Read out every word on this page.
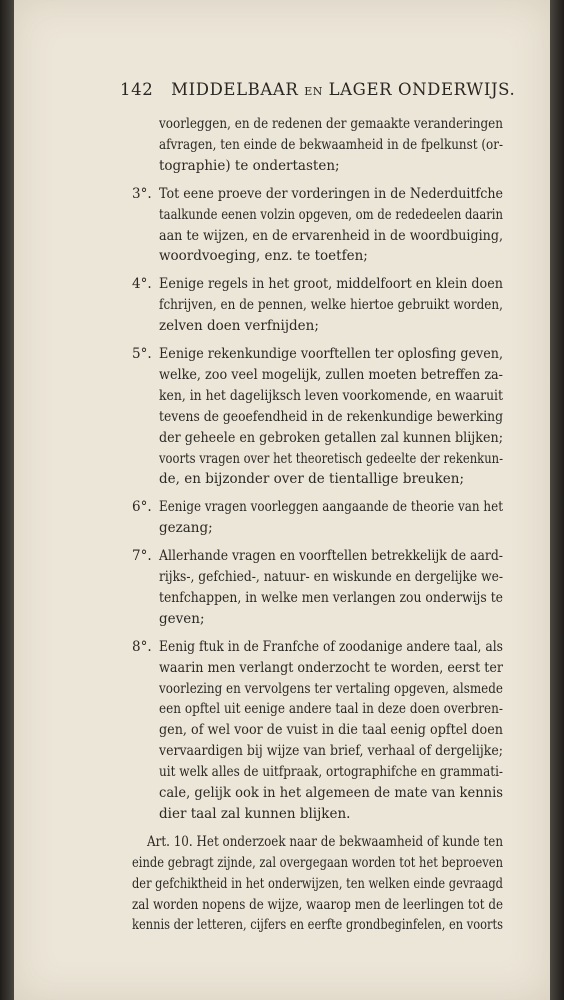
142 MIDDELBAAR EN LAGER ONDERWIJS.
voorleggen, en de redenen der gemaakte veranderingen
afvragen, ten einde de bekwaamheid in de fpelkunst (or-
tographie) te ondertasten;
3°. Tot eene proeve der vorderingen in de Nederduitfche
taalkunde eenen volzin opgeven, om de rededeelen daarin
aan te wijzen, en de ervarenheid in de woordbuiging,
woordvoeging, enz. te toetfen;
4°. Eenige regels in het groot, middelfoort en klein doen
fchrijven, en de pennen, welke hiertoe gebruikt worden,
zelven doen verfnijden;
5°. Eenige rekenkundige voorftellen ter oplosfing geven,
welke, zoo veel mogelijk, zullen moeten betreffen za-
ken, in het dagelijksch leven voorkomende, en waaruit
tevens de geoefendheid in de rekenkundige bewerking
der geheele en gebroken getallen zal kunnen blijken;
voorts vragen over het theoretisch gedeelte der rekenkun-
de, en bijzonder over de tientallige breuken;
6°. Eenige vragen voorleggen aangaande de theorie van het
gezang;
7°. Allerhande vragen en voorftellen betrekkelijk de aard-
rijks-, gefchied-, natuur- en wiskunde en dergelijke we-
tenfchappen, in welke men verlangen zou onderwijs te
geven;
8°. Eenig ftuk in de Franfche of zoodanige andere taal, als
waarin men verlangt onderzocht te worden, eerst ter
voorlezing en vervolgens ter vertaling opgeven, alsmede
een opftel uit eenige andere taal in deze doen overbren-
gen, of wel voor de vuist in die taal eenig opftel doen
vervaardigen bij wijze van brief, verhaal of dergelijke;
uit welk alles de uitfpraak, ortographifche en grammati-
cale, gelijk ook in het algemeen de mate van kennis
dier taal zal kunnen blijken.
Art. 10. Het onderzoek naar de bekwaamheid of kunde ten
einde gebragt zijnde, zal overgegaan worden tot het beproeven
der gefchiktheid in het onderwijzen, ten welken einde gevraagd
zal worden nopens de wijze, waarop men de leerlingen tot de
kennis der letteren, cijfers en eerfte grondbeginfelen, en voorts
